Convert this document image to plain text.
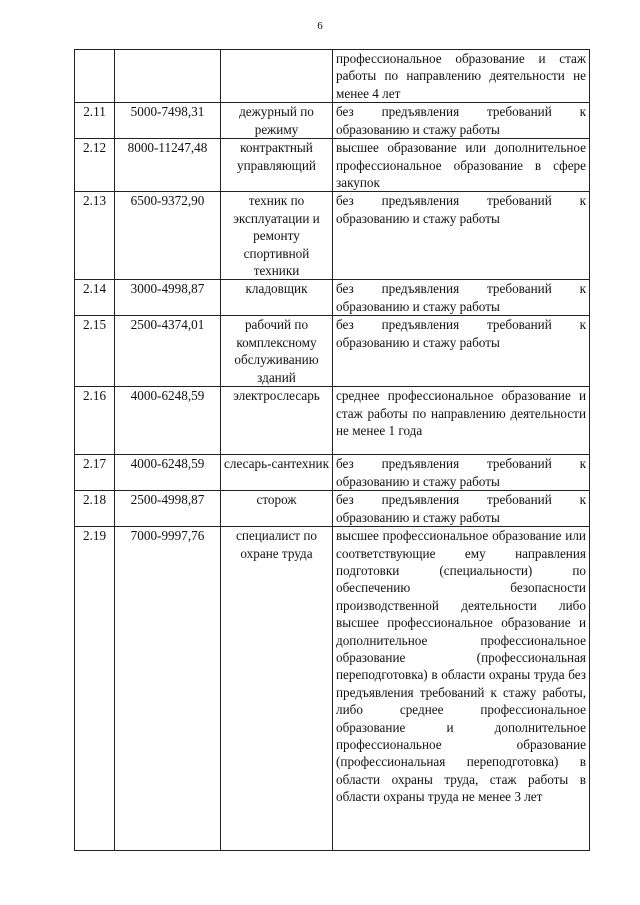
6
			профессиональное образование и стаж работы по направлению деятельности не менее 4 лет
2.11	5000-7498,31	дежурный по режиму	без предъявления требований к образованию и стажу работы
2.12	8000-11247,48	контрактный управляющий	высшее образование или дополнительное профессиональное образование в сфере закупок
2.13	6500-9372,90	техник по эксплуатации и ремонту спортивной техники	без предъявления требований к образованию и стажу работы
2.14	3000-4998,87	кладовщик	без предъявления требований к образованию и стажу работы
2.15	2500-4374,01	рабочий по комплексному обслуживанию зданий	без предъявления требований к образованию и стажу работы
2.16	4000-6248,59	электрослесарь	среднее профессиональное образование и стаж работы по направлению деятельности не менее 1 года
2.17	4000-6248,59	слесарь-сантехник	без предъявления требований к образованию и стажу работы
2.18	2500-4998,87	сторож	без предъявления требований к образованию и стажу работы
2.19	7000-9997,76	специалист по охране труда	высшее профессиональное образование или соответствующие ему направления подготовки (специальности) по обеспечению безопасности производственной деятельности либо высшее профессиональное образование и дополнительное профессиональное образование (профессиональная переподготовка) в области охраны труда без предъявления требований к стажу работы, либо среднее профессиональное образование и дополнительное профессиональное образование (профессиональная переподготовка) в области охраны труда, стаж работы в области охраны труда не менее 3 лет
